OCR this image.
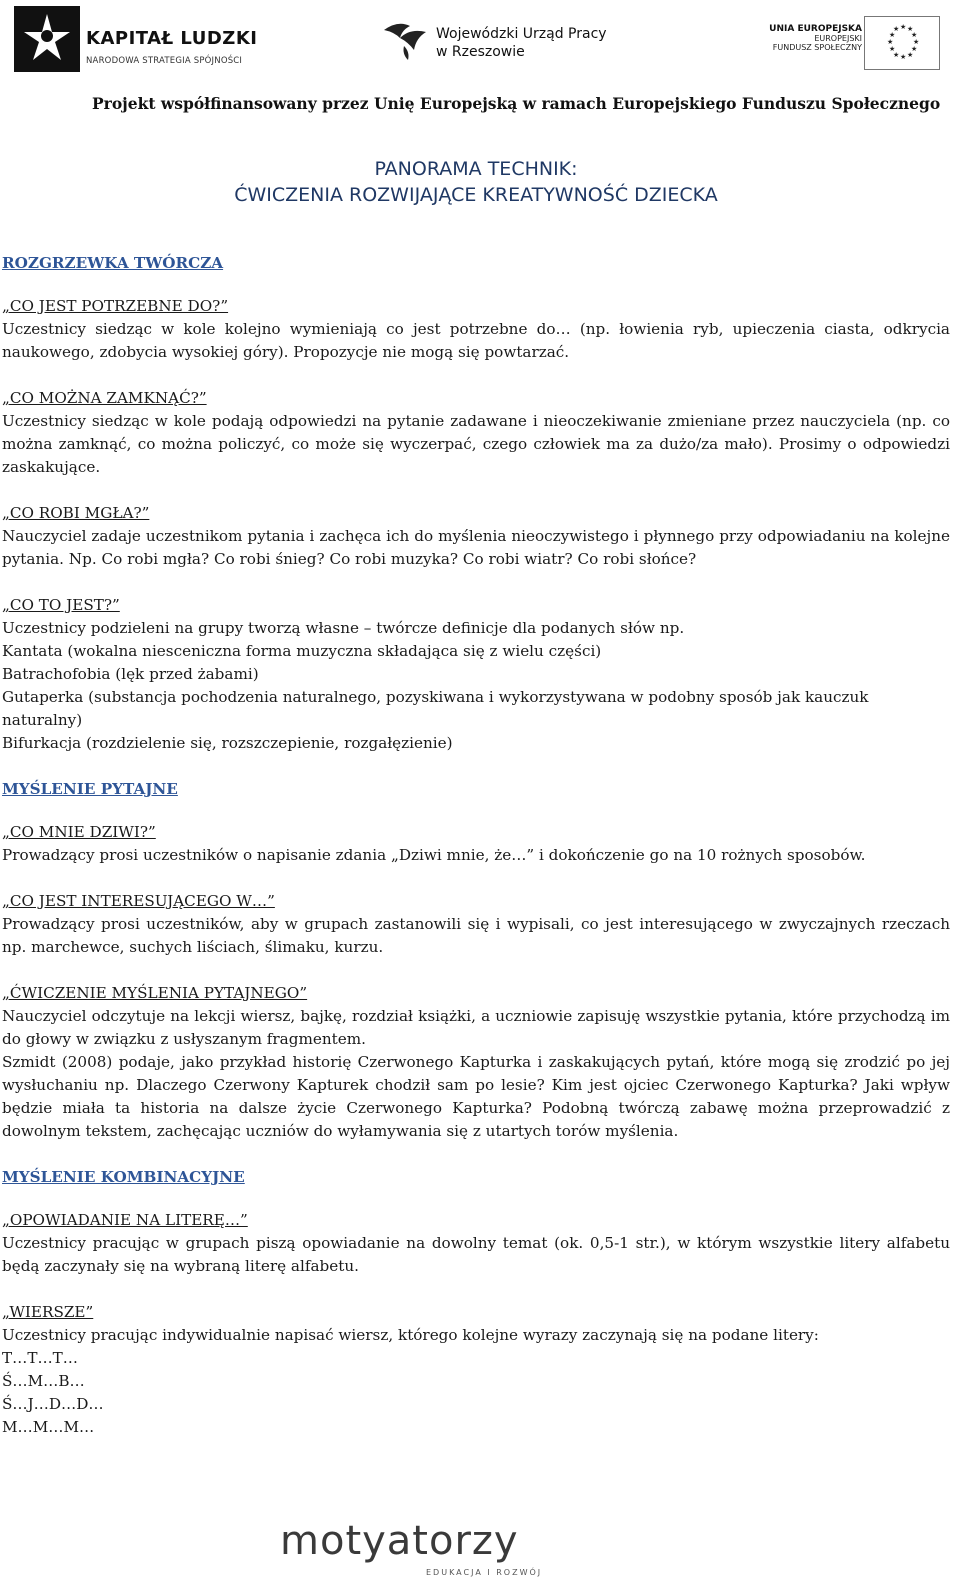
KAPITAŁ LUDZKI
NARODOWA STRATEGIA SPÓJNOŚCI
Wojewódzki Urząd Pracy
w Rzeszowie
UNIA EUROPEJSKA
EUROPEJSKI
FUNDUSZ SPOŁECZNY
★ ★
★
★
★
★
★
★
★
★
★
★
Projekt współfinansowany przez Unię Europejską w ramach Europejskiego Funduszu Społecznego
PANORAMA TECHNIK:
ĆWICZENIA ROZWIJAJĄCE KREATYWNOŚĆ DZIECKA

ROZGRZEWKA TWÓRCZA

„CO JEST POTRZEBNE DO?”

Uczestnicy siedząc w kole kolejno wymieniają co jest potrzebne do… (np. łowienia ryb, upieczenia ciasta, odkrycia naukowego, zdobycia wysokiej góry). Propozycje nie mogą się powtarzać.

„CO MOŻNA ZAMKNĄĆ?”

Uczestnicy siedząc w kole podają odpowiedzi na pytanie zadawane i nieoczekiwanie zmieniane przez nauczyciela (np. co można zamknąć, co można policzyć, co może się wyczerpać, czego człowiek ma za dużo/za mało). Prosimy o odpowiedzi zaskakujące.

„CO ROBI MGŁA?”

Nauczyciel zadaje uczestnikom pytania i zachęca ich do myślenia nieoczywistego i płynnego przy odpowiadaniu na kolejne pytania. Np. Co robi mgła? Co robi śnieg? Co robi muzyka? Co robi wiatr? Co robi słońce?

„CO TO JEST?”

Uczestnicy podzieleni na grupy tworzą własne – twórcze definicje dla podanych słów np.

Kantata (wokalna niesceniczna forma muzyczna składająca się z wielu części)

Batrachofobia (lęk przed żabami)

Gutaperka (substancja pochodzenia naturalnego, pozyskiwana i wykorzystywana w podobny sposób jak kauczuk naturalny)

Bifurkacja (rozdzielenie się, rozszczepienie, rozgałęzienie)

MYŚLENIE PYTAJNE

„CO MNIE DZIWI?”

Prowadzący prosi uczestników o napisanie zdania „Dziwi mnie, że…” i dokończenie go na 10 rożnych sposobów.

„CO JEST INTERESUJĄCEGO W…”

Prowadzący prosi uczestników, aby w grupach zastanowili się i wypisali, co jest interesującego w zwyczajnych rzeczach np. marchewce, suchych liściach, ślimaku, kurzu.

„ĆWICZENIE MYŚLENIA PYTAJNEGO”

Nauczyciel odczytuje na lekcji wiersz, bajkę, rozdział książki, a uczniowie zapisuję wszystkie pytania, które przychodzą im do głowy w związku z usłyszanym fragmentem.

Szmidt (2008) podaje, jako przykład historię Czerwonego Kapturka i zaskakujących pytań, które mogą się zrodzić po jej wysłuchaniu np. Dlaczego Czerwony Kapturek chodził sam po lesie? Kim jest ojciec Czerwonego Kapturka? Jaki wpływ będzie miała ta historia na dalsze życie Czerwonego Kapturka? Podobną twórczą zabawę można przeprowadzić z dowolnym tekstem, zachęcając uczniów do wyłamywania się z utartych torów myślenia.

MYŚLENIE KOMBINACYJNE

„OPOWIADANIE NA LITERĘ…”

Uczestnicy pracując w grupach piszą opowiadanie na dowolny temat (ok. 0,5-1 str.), w którym wszystkie litery alfabetu będą zaczynały się na wybraną literę alfabetu.

„WIERSZE”

Uczestnicy pracując indywidualnie napisać wiersz, którego kolejne wyrazy zaczynają się na podane litery:

T…T…T…

Ś…M…B…

Ś…J…D…D…

M…M…M…

motyatorzy
EDUKACJA I ROZWÓJ
